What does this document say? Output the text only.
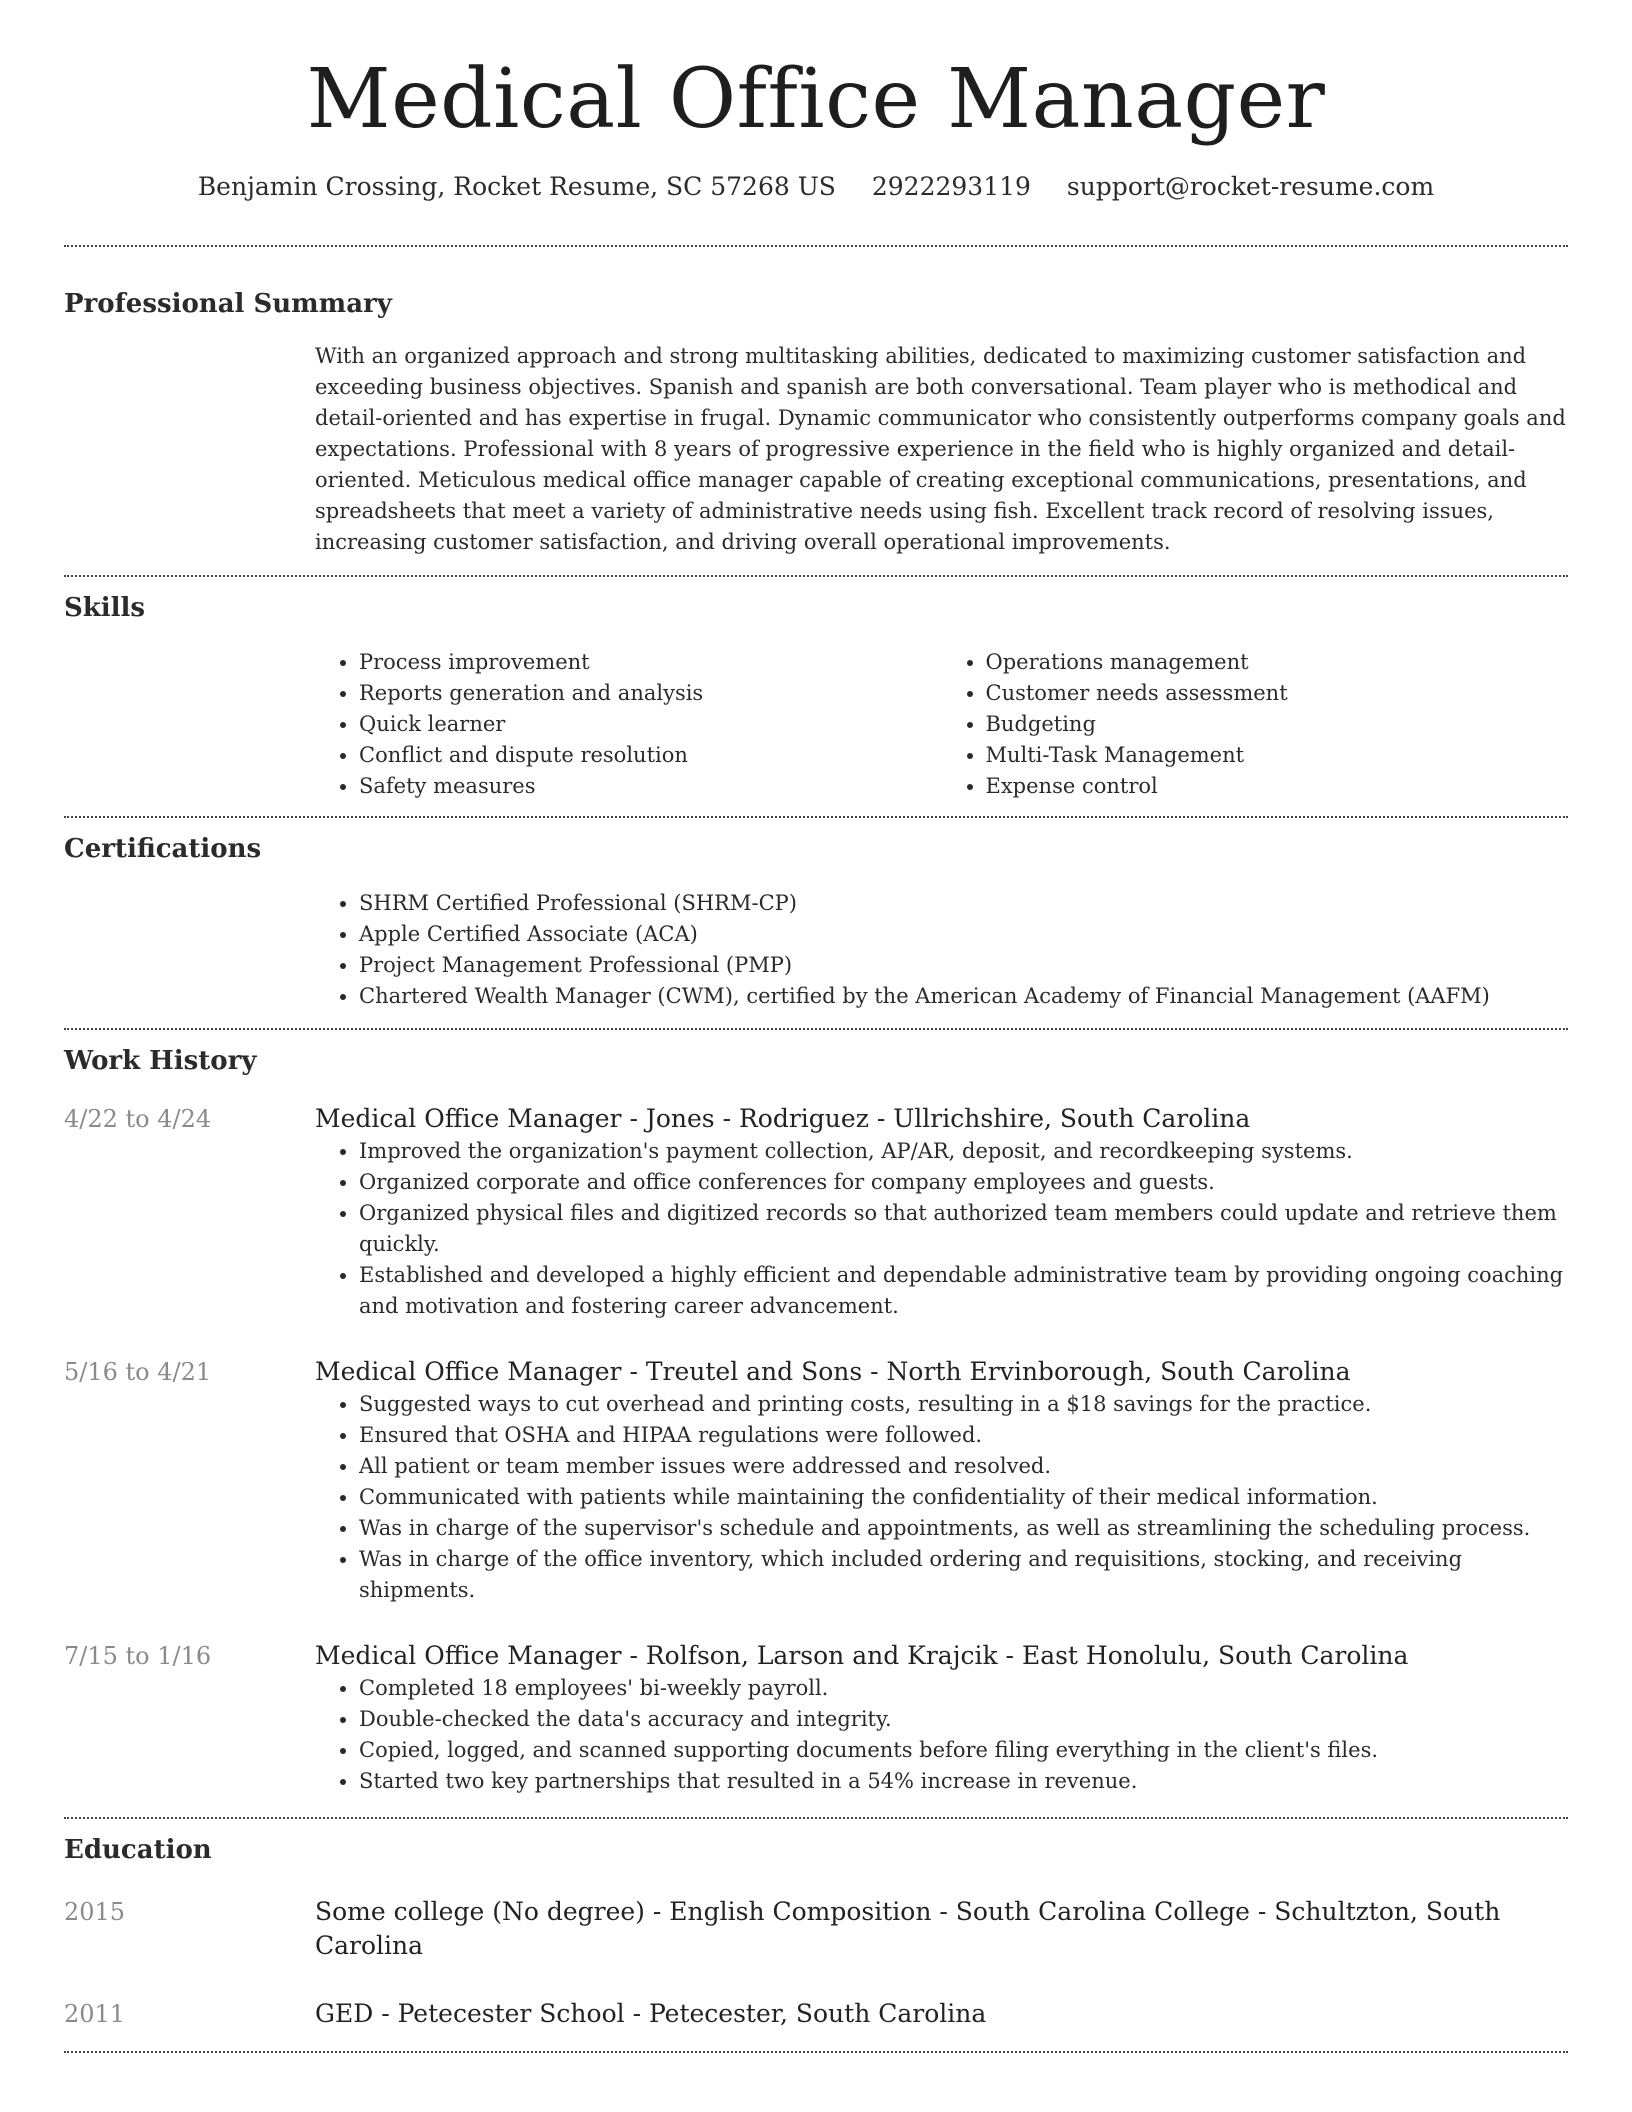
Medical Office Manager
Benjamin Crossing, Rocket Resume, SC 57268 US 2922293119 support@rocket-resume.com
Professional Summary
With an organized approach and strong multitasking abilities, dedicated to maximizing customer satisfaction and exceeding business objectives. Spanish and spanish are both conversational. Team player who is methodical and detail-oriented and has expertise in frugal. Dynamic communicator who consistently outperforms company goals and expectations. Professional with 8 years of progressive experience in the field who is highly organized and detail-oriented. Meticulous medical office manager capable of creating exceptional communications, presentations, and spreadsheets that meet a variety of administrative needs using fish. Excellent track record of resolving issues, increasing customer satisfaction, and driving overall operational improvements.
Skills
• Process improvement
• Reports generation and analysis
• Quick learner
• Conflict and dispute resolution
• Safety measures
• Operations management
• Customer needs assessment
• Budgeting
• Multi-Task Management
• Expense control
Certifications
• SHRM Certified Professional (SHRM-CP)
• Apple Certified Associate (ACA)
• Project Management Professional (PMP)
• Chartered Wealth Manager (CWM), certified by the American Academy of Financial Management (AAFM)
Work History
4/22 to 4/24	Medical Office Manager - Jones - Rodriguez - Ullrichshire, South Carolina
• Improved the organization's payment collection, AP/AR, deposit, and recordkeeping systems.
• Organized corporate and office conferences for company employees and guests.
• Organized physical files and digitized records so that authorized team members could update and retrieve them quickly.
• Established and developed a highly efficient and dependable administrative team by providing ongoing coaching and motivation and fostering career advancement.
5/16 to 4/21	Medical Office Manager - Treutel and Sons - North Ervinborough, South Carolina
• Suggested ways to cut overhead and printing costs, resulting in a $18 savings for the practice.
• Ensured that OSHA and HIPAA regulations were followed.
• All patient or team member issues were addressed and resolved.
• Communicated with patients while maintaining the confidentiality of their medical information.
• Was in charge of the supervisor's schedule and appointments, as well as streamlining the scheduling process.
• Was in charge of the office inventory, which included ordering and requisitions, stocking, and receiving shipments.
7/15 to 1/16	Medical Office Manager - Rolfson, Larson and Krajcik - East Honolulu, South Carolina
• Completed 18 employees' bi-weekly payroll.
• Double-checked the data's accuracy and integrity.
• Copied, logged, and scanned supporting documents before filing everything in the client's files.
• Started two key partnerships that resulted in a 54% increase in revenue.
Education
2015	Some college (No degree) - English Composition - South Carolina College - Schultzton, South Carolina
2011	GED - Petecester School - Petecester, South Carolina
